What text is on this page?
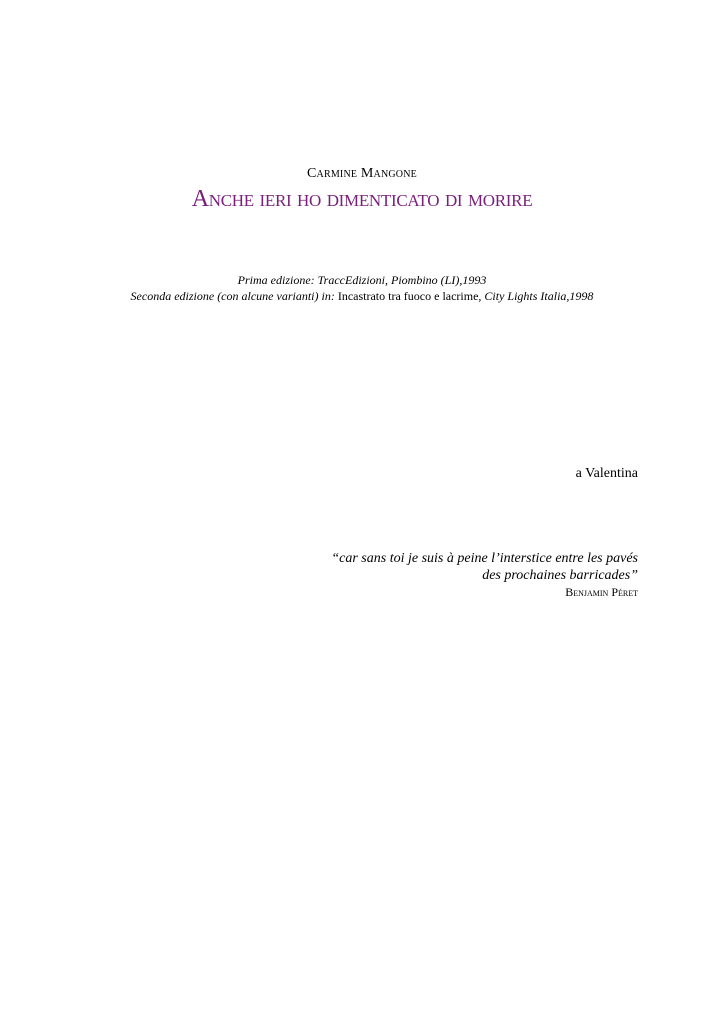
Carmine Mangone
Anche ieri ho dimenticato di morire
Prima edizione: TraccEdizioni, Piombino (LI),1993
Seconda edizione (con alcune varianti) in: Incastrato tra fuoco e lacrime, City Lights Italia,1998
a Valentina
“car sans toi je suis à peine l’interstice entre les pavés
des prochaines barricades”
Benjamin Péret
